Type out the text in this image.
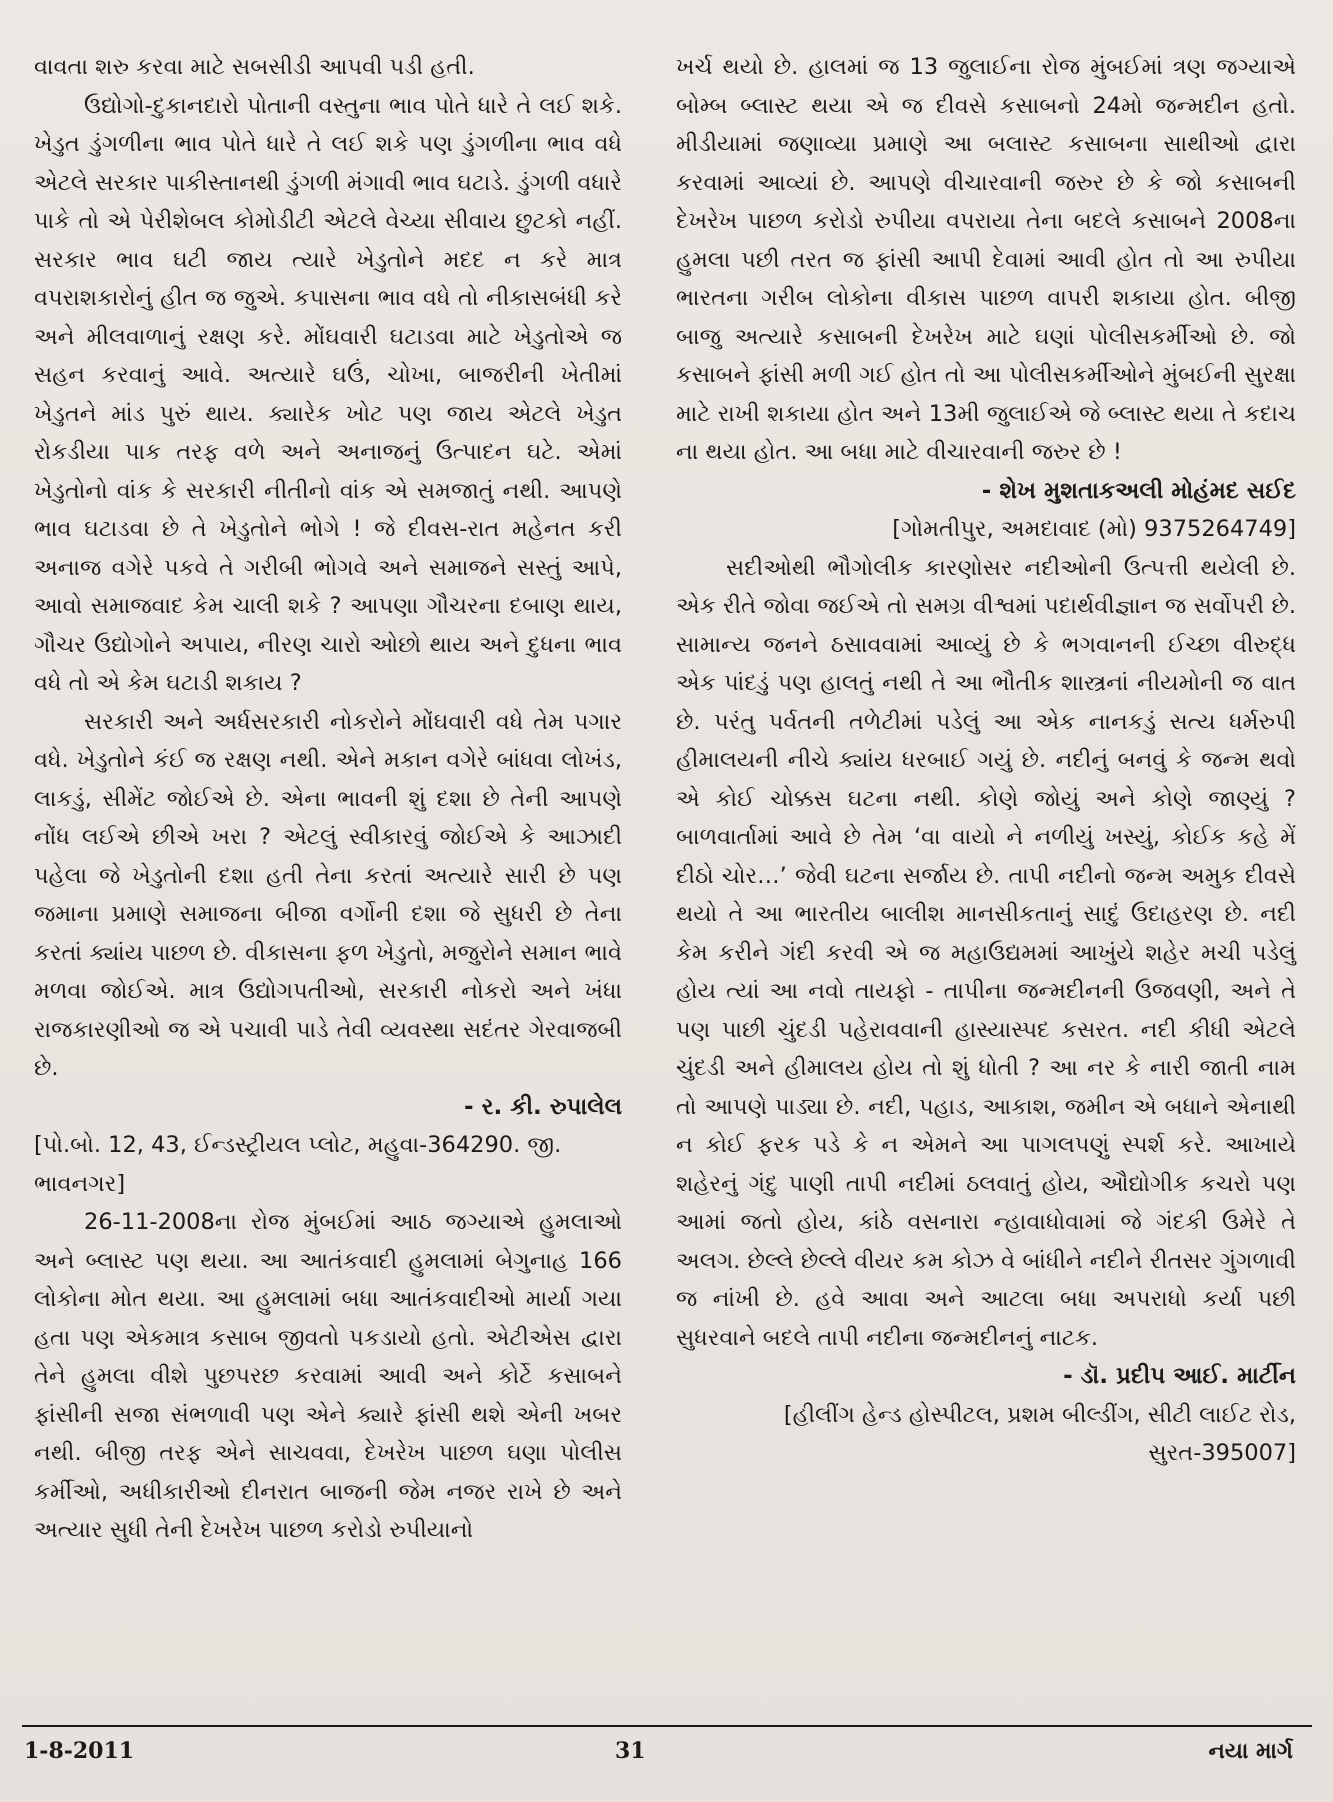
વાવતા શરુ કરવા માટે સબસીડી આપવી પડી હતી.

ઉદ્યોગો-દુકાનદારો પોતાની વસ્તુના ભાવ પોતે ધારે તે લઈ શકે. ખેડુત ડુંગળીના ભાવ પોતે ધારે તે લઈ શકે પણ ડુંગળીના ભાવ વધે એટલે સરકાર પાકીસ્તાનથી ડુંગળી મંગાવી ભાવ ઘટાડે. ડુંગળી વધારે પાકે તો એ પેરીશેબલ કોમોડીટી એટલે વેચ્યા સીવાય છુટકો નહીં. સરકાર ભાવ ઘટી જાય ત્યારે ખેડુતોને મદદ ન કરે માત્ર વપરાશકારોનું હીત જ જુએ. કપાસના ભાવ વધે તો નીકાસબંધી કરે અને મીલવાળાનું રક્ષણ કરે. મોંઘવારી ઘટાડવા માટે ખેડુતોએ જ સહન કરવાનું આવે. અત્યારે ઘઉં, ચોખા, બાજરીની ખેતીમાં ખેડુતને માંડ પુરું થાય. ક્યારેક ખોટ પણ જાય એટલે ખેડુત રોકડીયા પાક તરફ વળે અને અનાજનું ઉત્પાદન ઘટે. એમાં ખેડુતોનો વાંક કે સરકારી નીતીનો વાંક એ સમજાતું નથી. આપણે ભાવ ઘટાડવા છે તે ખેડુતોને ભોગે ! જે દીવસ-રાત મહેનત કરી અનાજ વગેરે પકવે તે ગરીબી ભોગવે અને સમાજને સસ્તું આપે, આવો સમાજવાદ કેમ ચાલી શકે ? આપણા ગૌચરના દબાણ થાય, ગૌચર ઉદ્યોગોને અપાય, નીરણ ચારો ઓછો થાય અને દુધના ભાવ વધે તો એ કેમ ઘટાડી શકાય ?

સરકારી અને અર્ધસરકારી નોકરોને મોંઘવારી વધે તેમ પગાર વધે. ખેડુતોને કંઈ જ રક્ષણ નથી. એને મકાન વગેરે બાંધવા લોખંડ, લાકડું, સીમેંટ જોઈએ છે. એના ભાવની શું દશા છે તેની આપણે નોંધ લઈએ છીએ ખરા ? એટલું સ્વીકારવું જોઈએ કે આઝાદી પહેલા જે ખેડુતોની દશા હતી તેના કરતાં અત્યારે સારી છે પણ જમાના પ્રમાણે સમાજના બીજા વર્ગોની દશા જે સુધરી છે તેના કરતાં ક્યાંય પાછળ છે. વીકાસના ફળ ખેડુતો, મજુરોને સમાન ભાવે મળવા જોઈએ. માત્ર ઉદ્યોગપતીઓ, સરકારી નોકરો અને ખંધા રાજકારણીઓ જ એ પચાવી પાડે તેવી વ્યવસ્થા સદંતર ગેરવાજબી છે.

- ર. કી. રુપાલેલ

[પો.બો. 12, 43, ઈન્ડસ્ટ્રીયલ પ્લોટ, મહુવા-364290. જી. ભાવનગર]

26-11-2008ના રોજ મુંબઈમાં આઠ જગ્યાએ હુમલાઓ અને બ્લાસ્ટ પણ થયા. આ આતંકવાદી હુમલામાં બેગુનાહ 166 લોકોના મોત થયા. આ હુમલામાં બધા આતંકવાદીઓ માર્યા ગયા હતા પણ એકમાત્ર કસાબ જીવતો પકડાયો હતો. એટીએસ દ્વારા તેને હુમલા વીશે પુછપરછ કરવામાં આવી અને કોર્ટે કસાબને ફાંસીની સજા સંભળાવી પણ એને ક્યારે ફાંસી થશે એની ખબર નથી. બીજી તરફ એને સાચવવા, દેખરેખ પાછળ ઘણા પોલીસ કર્મીઓ, અધીકારીઓ દીનરાત બાજની જેમ નજર રાખે છે અને અત્યાર સુધી તેની દેખરેખ પાછળ કરોડો રુપીયાનો

ખર્ચ થયો છે. હાલમાં જ 13 જુલાઈના રોજ મુંબઈમાં ત્રણ જગ્યાએ બોમ્બ બ્લાસ્ટ થયા એ જ દીવસે કસાબનો 24મો જન્મદીન હતો. મીડીયામાં જણાવ્યા પ્રમાણે આ બલાસ્ટ કસાબના સાથીઓ દ્વારા કરવામાં આવ્યાં છે. આપણે વીચારવાની જરુર છે કે જો કસાબની દેખરેખ પાછળ કરોડો રુપીયા વપરાયા તેના બદલે કસાબને 2008ના હુમલા પછી તરત જ ફાંસી આપી દેવામાં આવી હોત તો આ રુપીયા ભારતના ગરીબ લોકોના વીકાસ પાછળ વાપરી શકાયા હોત. બીજી બાજુ અત્યારે કસાબની દેખરેખ માટે ઘણાં પોલીસકર્મીઓ છે. જો કસાબને ફાંસી મળી ગઈ હોત તો આ પોલીસકર્મીઓને મુંબઈની સુરક્ષા માટે રાખી શકાયા હોત અને 13મી જુલાઈએ જે બ્લાસ્ટ થયા તે કદાચ ના થયા હોત. આ બધા માટે વીચારવાની જરુર છે !

- શેખ મુશતાકઅલી મોહંમદ સઈદ

[ગોમતીપુર, અમદાવાદ (મો) 9375264749]

સદીઓથી ભૌગોલીક કારણોસર નદીઓની ઉત્પત્તી થયેલી છે. એક રીતે જોવા જઈએ તો સમગ્ર વીશ્વમાં પદાર્થવીજ્ઞાન જ સર્વોપરી છે. સામાન્ય જનને ઠસાવવામાં આવ્યું છે કે ભગવાનની ઈચ્છા વીરુદ્ધ એક પાંદડું પણ હાલતું નથી તે આ ભૌતીક શાસ્ત્રનાં નીયમોની જ વાત છે. પરંતુ પર્વતની તળેટીમાં પડેલું આ એક નાનકડું સત્ય ધર્મરુપી હીમાલયની નીચે ક્યાંય ધરબાઈ ગયું છે. નદીનું બનવું કે જન્મ થવો એ કોઈ ચોક્કસ ઘટના નથી. કોણે જોયું અને કોણે જાણ્યું ? બાળવાર્તામાં આવે છે તેમ ‘વા વાયો ને નળીયું ખસ્યું, કોઈક કહે મેં દીઠો ચોર…’ જેવી ઘટના સર્જાય છે. તાપી નદીનો જન્મ અમુક દીવસે થયો તે આ ભારતીય બાલીશ માનસીકતાનું સાદું ઉદાહરણ છે. નદી કેમ કરીને ગંદી કરવી એ જ મહાઉદ્યમમાં આખુંયે શહેર મચી પડેલું હોય ત્યાં આ નવો તાયફો - તાપીના જન્મદીનની ઉજવણી, અને તે પણ પાછી ચુંદડી પહેરાવવાની હાસ્યાસ્પદ કસરત. નદી કીધી એટલે ચુંદડી અને હીમાલય હોય તો શું ધોતી ? આ નર કે નારી જાતી નામ તો આપણે પાડ્યા છે. નદી, પહાડ, આકાશ, જમીન એ બધાને એનાથી ન કોઈ ફરક પડે કે ન એમને આ પાગલપણું સ્પર્શ કરે. આખાયે શહેરનું ગંદુ પાણી તાપી નદીમાં ઠલવાતું હોય, ઔદ્યોગીક કચરો પણ આમાં જતો હોય, કાંઠે વસનારા ન્હાવાધોવામાં જે ગંદકી ઉમેરે તે અલગ. છેલ્લે છેલ્લે વીયર કમ કોઝ વે બાંધીને નદીને રીતસર ગુંગળાવી જ નાંખી છે. હવે આવા અને આટલા બધા અપરાધો કર્યા પછી સુધરવાને બદલે તાપી નદીના જન્મદીનનું નાટક.

- ડૉ. પ્રદીપ આઈ. માર્ટીન

[હીલીંગ હેન્ડ હોસ્પીટલ, પ્રશમ બીલ્ડીંગ, સીટી લાઈટ રોડ,

સુરત-395007]

1-8-2011	31	નયા માર્ગ
